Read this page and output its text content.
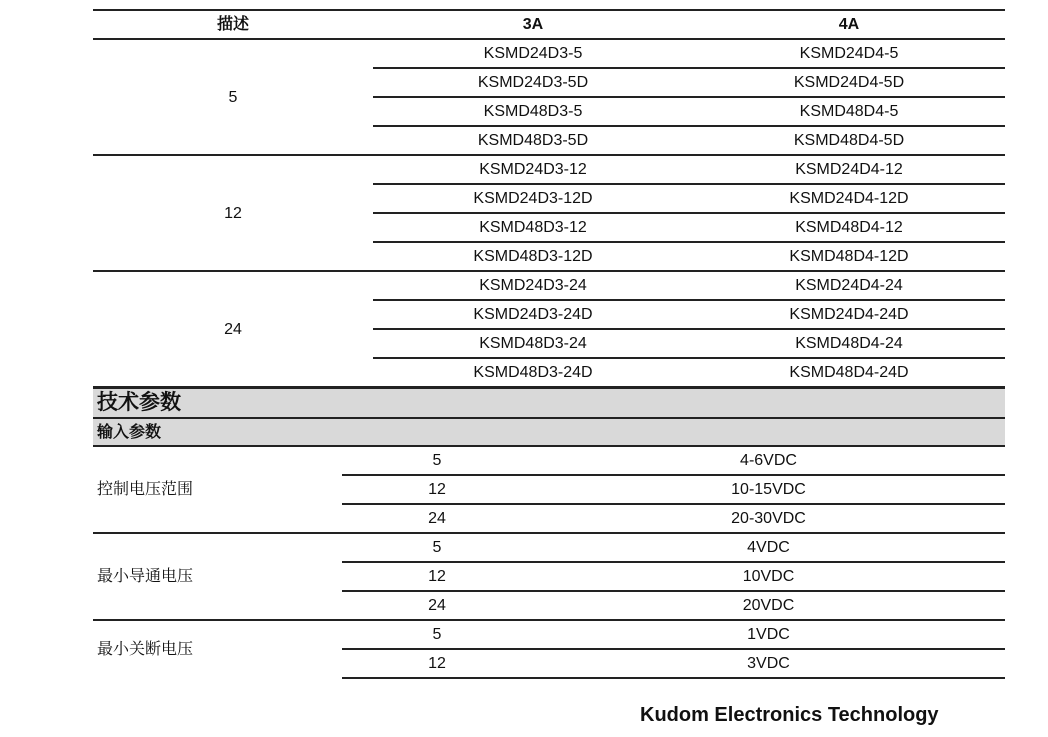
描述	3A	4A
5
KSMD24D3-5	KSMD24D4-5
KSMD24D3-5D	KSMD24D4-5D
KSMD48D3-5	KSMD48D4-5
KSMD48D3-5D	KSMD48D4-5D
12
KSMD24D3-12	KSMD24D4-12
KSMD24D3-12D	KSMD24D4-12D
KSMD48D3-12	KSMD48D4-12
KSMD48D3-12D	KSMD48D4-12D
24
KSMD24D3-24	KSMD24D4-24
KSMD24D3-24D	KSMD24D4-24D
KSMD48D3-24	KSMD48D4-24
KSMD48D3-24D	KSMD48D4-24D
技术参数
输入参数
控制电压范围
5	4-6VDC
12	10-15VDC
24	20-30VDC
最小导通电压
5	4VDC
12	10VDC
24	20VDC
最小关断电压
5	1VDC
12	3VDC
Kudom Electronics Technology
